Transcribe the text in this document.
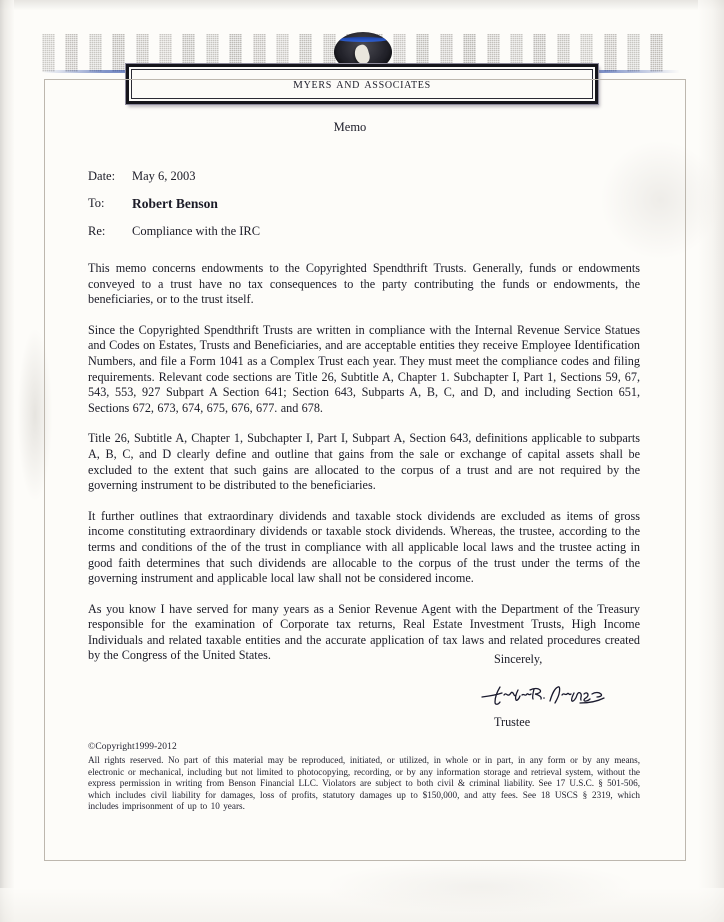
myers and associates
Memo
Date:	May 6, 2003
To:	Robert Benson
Re:	Compliance with the IRC

This memo concerns endowments to the Copyrighted Spendthrift Trusts. Generally, funds or endowments conveyed to a trust have no tax consequences to the party contributing the funds or endowments, the beneficiaries, or to the trust itself.

Since the Copyrighted Spendthrift Trusts are written in compliance with the Internal Revenue Service Statues and Codes on Estates, Trusts and Beneficiaries, and are acceptable entities they receive Employee Identification Numbers, and file a Form 1041 as a Complex Trust each year. They must meet the compliance codes and filing requirements. Relevant code sections are Title 26, Subtitle A, Chapter 1. Subchapter I, Part 1, Sections 59, 67, 543, 553, 927 Subpart A Section 641; Section 643, Subparts A, B, C, and D, and including Section 651, Sections 672, 673, 674, 675, 676, 677. and 678.

Title 26, Subtitle A, Chapter 1, Subchapter I, Part I, Subpart A, Section 643, definitions applicable to subparts A, B, C, and D clearly define and outline that gains from the sale or exchange of capital assets shall be excluded to the extent that such gains are allocated to the corpus of a trust and are not required by the governing instrument to be distributed to the beneficiaries.

It further outlines that extraordinary dividends and taxable stock dividends are excluded as items of gross income constituting extraordinary dividends or taxable stock dividends. Whereas, the trustee, according to the terms and conditions of the of the trust in compliance with all applicable local laws and the trustee acting in good faith determines that such dividends are allocable to the corpus of the trust under the terms of the governing instrument and applicable local law shall not be considered income.

As you know I have served for many years as a Senior Revenue Agent with the Department of the Treasury responsible for the examination of Corporate tax returns, Real Estate Investment Trusts, High Income Individuals and related taxable entities and the accurate application of tax laws and related procedures created by the Congress of the United States.	Sincerely,
Trustee
©Copyright1999-2012
All rights reserved. No part of this material may be reproduced, initiated, or utilized, in whole or in part, in any form or by any means, electronic or mechanical, including but not limited to photocopying, recording, or by any information storage and retrieval system, without the express permission in writing from Benson Financial LLC. Violators are subject to both civil & criminal liability. See 17 U.S.C. § 501-506, which includes civil liability for damages, loss of profits, statutory damages up to $150,000, and atty fees. See 18 USCS § 2319, which includes imprisonment of up to 10 years.
